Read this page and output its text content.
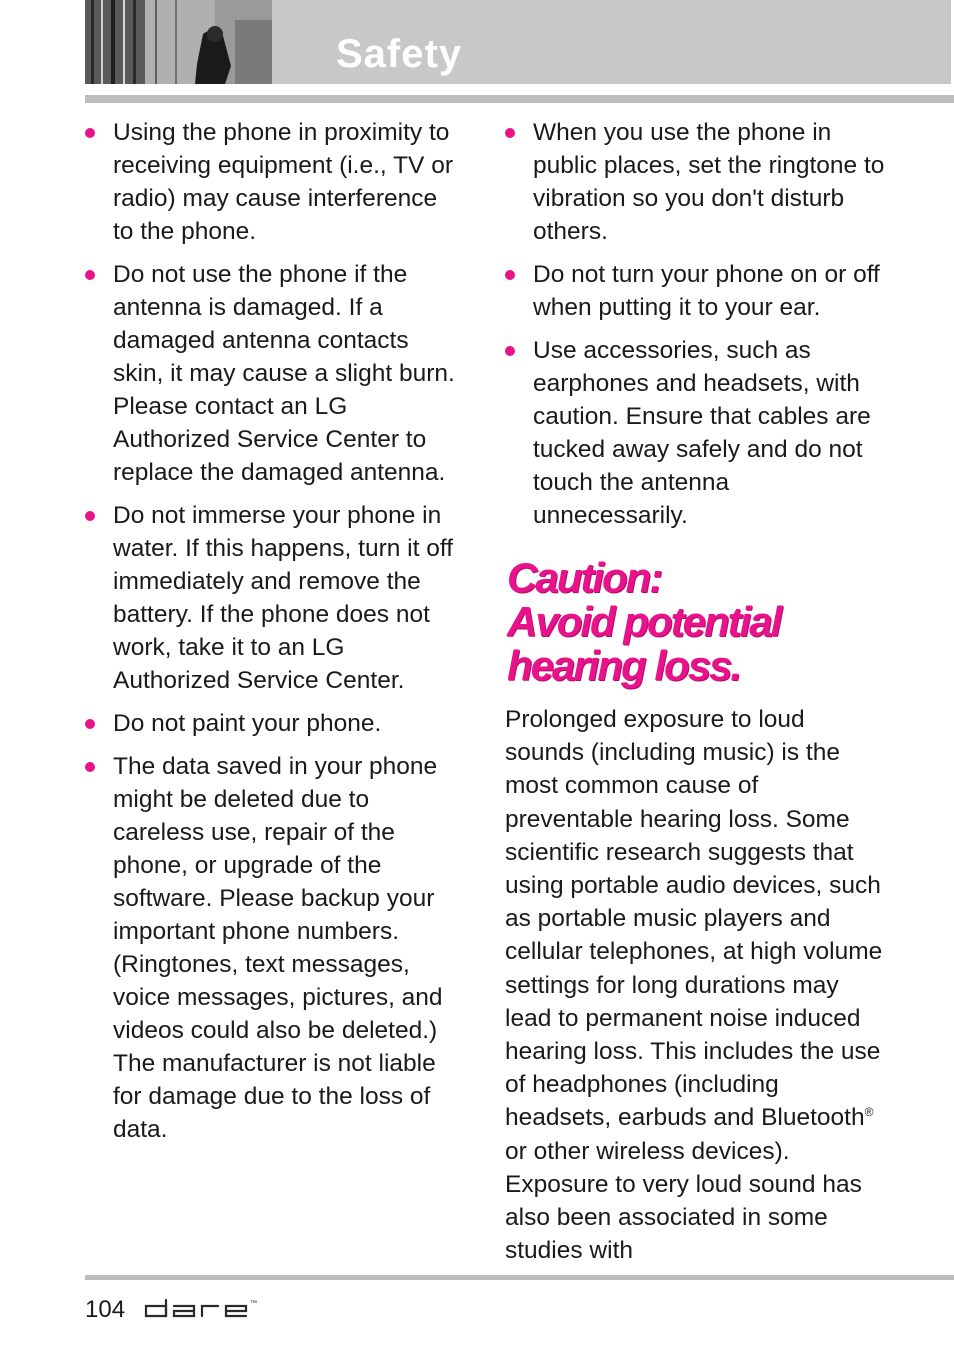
Safety
Using the phone in proximity to receiving equipment (i.e., TV or radio) may cause interference to the phone.
Do not use the phone if the antenna is damaged. If a damaged antenna contacts skin, it may cause a slight burn. Please contact an LG Authorized Service Center to replace the damaged antenna.
Do not immerse your phone in water. If this happens, turn it off immediately and remove the battery. If the phone does not work, take it to an LG Authorized Service Center.
Do not paint your phone.
The data saved in your phone might be deleted due to careless use, repair of the phone, or upgrade of the software. Please backup your important phone numbers. (Ringtones, text messages, voice messages, pictures, and videos could also be deleted.) The manufacturer is not liable for damage due to the loss of data.
When you use the phone in public places, set the ringtone to vibration so you don't disturb others.
Do not turn your phone on or off when putting it to your ear.
Use accessories, such as earphones and headsets, with caution. Ensure that cables are tucked away safely and do not touch the antenna unnecessarily.
Caution:
Avoid potential
hearing loss.
Prolonged exposure to loud sounds (including music) is the most common cause of preventable hearing loss. Some scientific research suggests that using portable audio devices, such as portable music players and cellular telephones, at high volume settings for long durations may lead to permanent noise induced hearing loss. This includes the use of headphones (including headsets, earbuds and Bluetooth® or other wireless devices). Exposure to very loud sound has also been associated in some studies with
104	™
